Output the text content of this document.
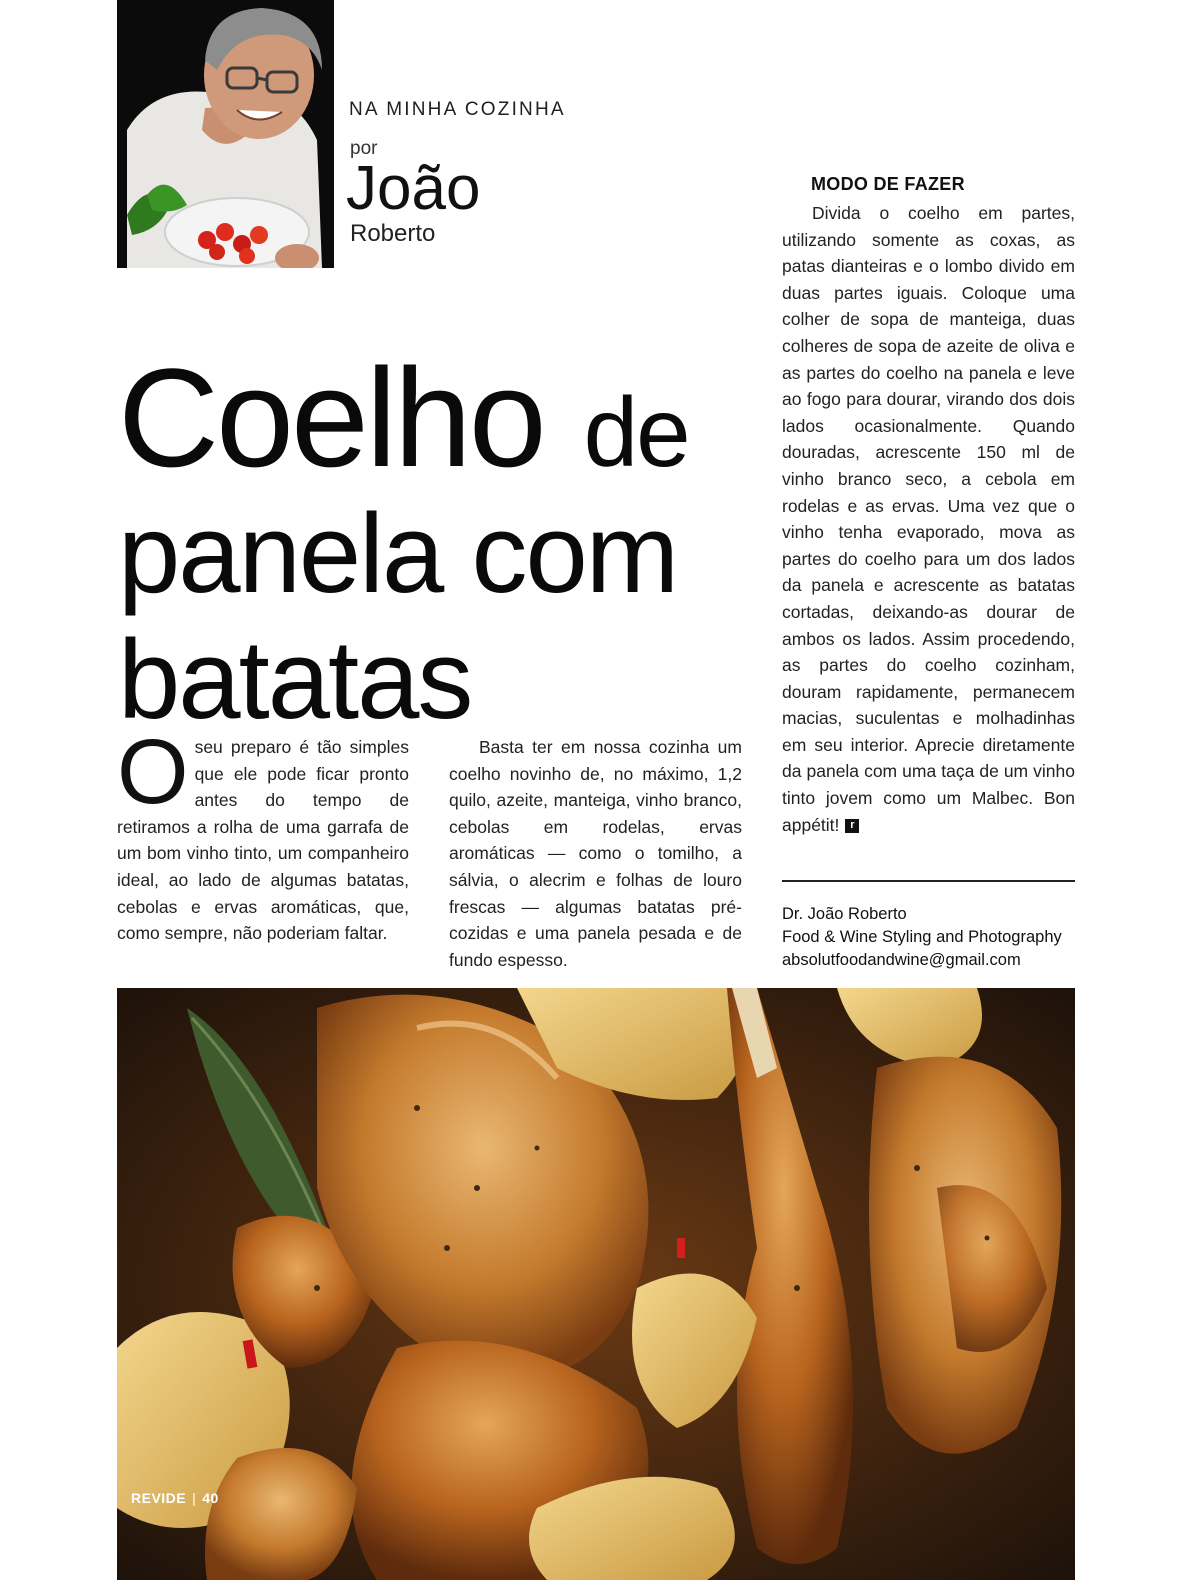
NA MINHA COZINHA
por
João
Roberto
Coelho de
panela com
batatas
Oseu preparo é tão simples que ele pode ficar pronto antes do tempo de retiramos a rolha de uma garrafa de um bom vinho tinto, um companheiro ideal, ao lado de algumas batatas, cebolas e ervas aromáticas, que, como sempre, não poderiam faltar.
Basta ter em nossa cozinha um coelho novinho de, no máximo, 1,2 quilo, azeite, manteiga, vinho branco, cebolas em rodelas, ervas aromáticas — como o tomilho, a sálvia, o alecrim e folhas de louro frescas — algumas batatas pré-cozidas e uma panela pesada e de fundo espesso.
MODO DE FAZER
Divida o coelho em partes, utilizando somente as coxas, as patas dianteiras e o lombo divido em duas partes iguais. Coloque uma colher de sopa de manteiga, duas colheres de sopa de azeite de oliva e as partes do coelho na panela e leve ao fogo para dourar, virando dos dois lados ocasionalmente. Quando douradas, acrescente 150 ml de vinho branco seco, a cebola em rodelas e as ervas. Uma vez que o vinho tenha evaporado, mova as partes do coelho para um dos lados da panela e acrescente as batatas cortadas, deixando-as dourar de ambos os lados. Assim procedendo, as partes do coelho cozinham, douram rapidamente, permanecem macias, suculentas e molhadinhas em seu interior. Aprecie diretamente da panela com uma taça de um vinho tinto jovem como um Malbec. Bon appétit! r
Dr. João Roberto
Food & Wine Styling and Photography
absolutfoodandwine@gmail.com
REVIDE | 40
